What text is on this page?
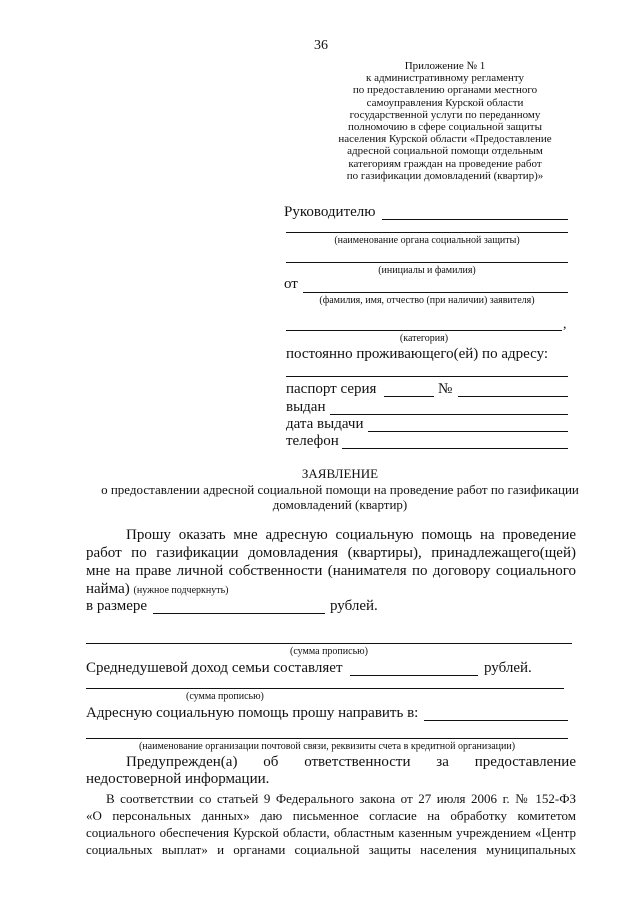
36
Приложение № 1
к административному регламенту
по предоставлению органами местного
самоуправления Курской области
государственной услуги по переданному
полномочию в сфере социальной защиты
населения Курской области «Предоставление
адресной социальной помощи отдельным
категориям граждан на проведение работ
по газификации домовладений (квартир)»
Руководителю
(наименование органа социальной защиты)
(инициалы и фамилия)
от
(фамилия, имя, отчество (при наличии) заявителя)
,
(категория)
постоянно проживающего(ей) по адресу:
паспорт серия	№
выдан
дата выдачи
телефон
ЗАЯВЛЕНИЕ
о предоставлении адресной социальной помощи на проведение работ по газификации
домовладений (квартир)
Прошу оказать мне адресную социальную помощь на проведение
работ по газификации домовладения (квартиры), принадлежащего(щей)
мне на праве личной собственности (нанимателя по договору социального
найма) (нужное подчеркнуть)
в размере	рублей.
(сумма прописью)
Среднедушевой доход семьи составляет	рублей.
(сумма прописью)
Адресную социальную помощь прошу направить в:
(наименование организации почтовой связи, реквизиты счета в кредитной организации)
Предупрежден(а) об ответственности за предоставление
недостоверной информации.
В соответствии со статьей 9 Федерального закона от 27 июля 2006 г. № 152-ФЗ
«О персональных данных» даю письменное согласие на обработку комитетом
социального обеспечения Курской области, областным казенным учреждением «Центр
социальных выплат» и органами социальной защиты населения муниципальных
